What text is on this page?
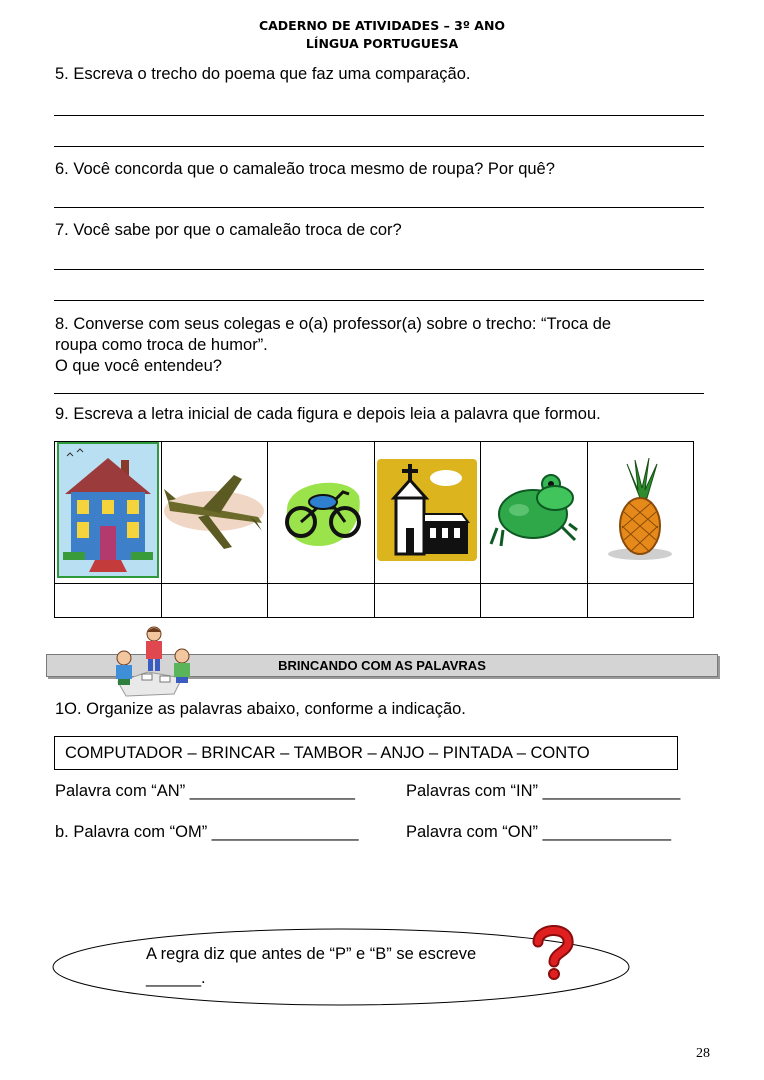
CADERNO DE ATIVIDADES – 3º ANO
LÍNGUA PORTUGUESA
5. Escreva o trecho do poema que faz uma comparação.
6. Você concorda que o camaleão troca mesmo de roupa? Por quê?
7. Você sabe por que o camaleão troca de cor?
8. Converse com seus colegas e o(a) professor(a) sobre o trecho: “Troca de
roupa como troca de humor”.
O que você entendeu?
9. Escreva a letra inicial de cada figura e depois leia a palavra que formou.

BRINCANDO COM AS PALAVRAS
1O. Organize as palavras abaixo, conforme a indicação.
COMPUTADOR – BRINCAR – TAMBOR – ANJO – PINTADA – CONTO
Palavra com “AN” __________________	Palavras com “IN” _______________
b. Palavra com “OM” ________________	Palavra com “ON” ______________
A regra diz que antes de “P” e “B” se escreve
______.
28
